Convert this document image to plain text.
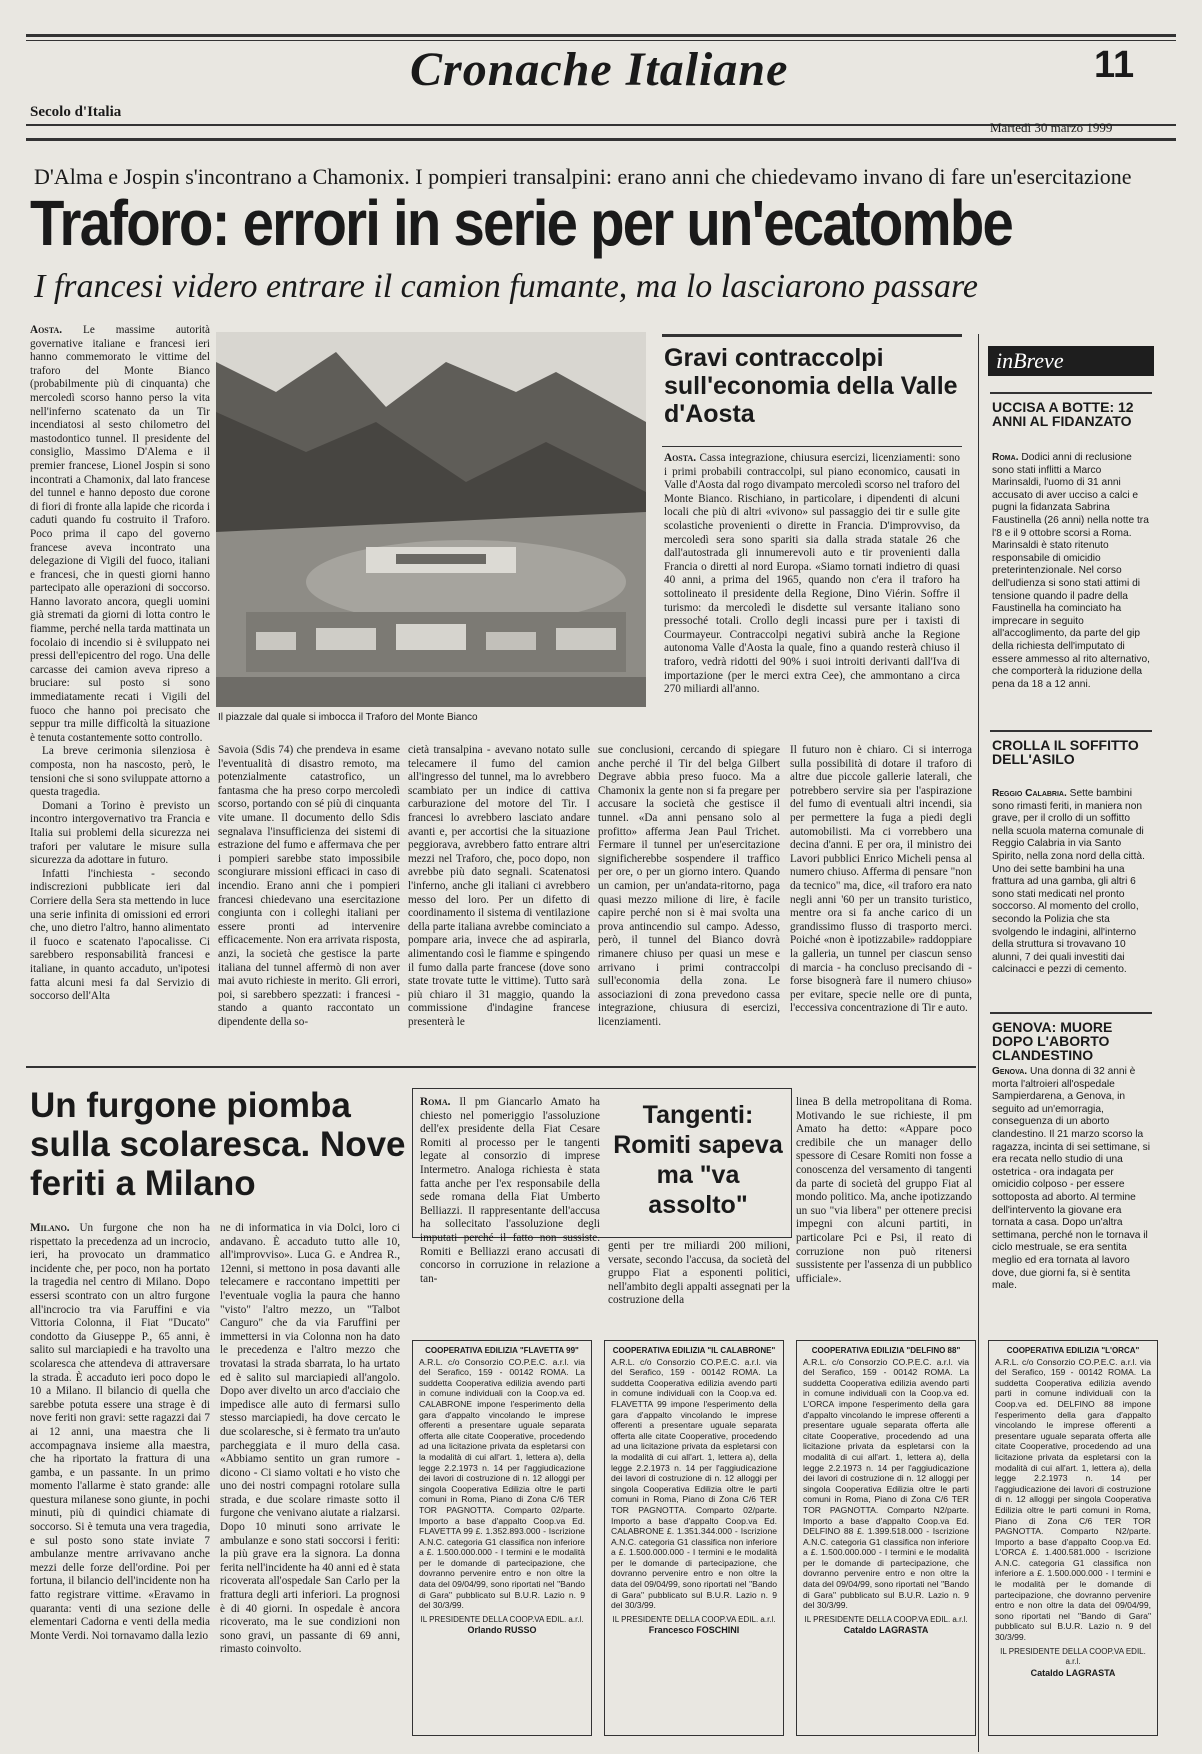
Cronache Italiane	11
Secolo d'Italia
Martedì 30 marzo 1999
D'Alma e Jospin s'incontrano a Chamonix. I pompieri transalpini: erano anni che chiedevamo invano di fare un'esercitazione
Traforo: errori in serie per un'ecatombe
I francesi videro entrare il camion fumante, ma lo lasciarono passare

Aosta. Le massime autorità governative italiane e francesi ieri hanno commemorato le vittime del traforo del Monte Bianco (probabilmente più di cinquanta) che mercoledì scorso hanno perso la vita nell'inferno scatenato da un Tir incendiatosi al sesto chilometro del mastodontico tunnel. Il presidente del consiglio, Massimo D'Alema e il premier francese, Lionel Jospin si sono incontrati a Chamonix, dal lato francese del tunnel e hanno deposto due corone di fiori di fronte alla lapide che ricorda i caduti quando fu costruito il Traforo. Poco prima il capo del governo francese aveva incontrato una delegazione di Vigili del fuoco, italiani e francesi, che in questi giorni hanno partecipato alle operazioni di soccorso. Hanno lavorato ancora, quegli uomini già stremati da giorni di lotta contro le fiamme, perché nella tarda mattinata un focolaio di incendio si è sviluppato nei pressi dell'epicentro del rogo. Una delle carcasse dei camion aveva ripreso a bruciare: sul posto si sono immediatamente recati i Vigili del fuoco che hanno poi precisato che seppur tra mille difficoltà la situazione è tenuta costantemente sotto controllo.

La breve cerimonia silenziosa è composta, non ha nascosto, però, le tensioni che si sono sviluppate attorno a questa tragedia.

Domani a Torino è previsto un incontro intergovernativo tra Francia e Italia sui problemi della sicurezza nei trafori per valutare le misure sulla sicurezza da adottare in futuro.

Infatti l'inchiesta - secondo indiscrezioni pubblicate ieri dal Corriere della Sera sta mettendo in luce una serie infinita di omissioni ed errori che, uno dietro l'altro, hanno alimentato il fuoco e scatenato l'apocalisse. Ci sarebbero responsabilità francesi e italiane, in quanto accaduto, un'ipotesi fatta alcuni mesi fa dal Servizio di soccorso dell'Alta

Il piazzale dal quale si imbocca il Traforo del Monte Bianco
Gravi contraccolpi sull'economia della Valle d'Aosta

Aosta. Cassa integrazione, chiusura esercizi, licenziamenti: sono i primi probabili contraccolpi, sul piano economico, causati in Valle d'Aosta dal rogo divampato mercoledì scorso nel traforo del Monte Bianco. Rischiano, in particolare, i dipendenti di alcuni locali che più di altri «vivono» sul passaggio dei tir e sulle gite scolastiche provenienti o dirette in Francia. D'improvviso, da mercoledì sera sono spariti sia dalla strada statale 26 che dall'autostrada gli innumerevoli auto e tir provenienti dalla Francia o diretti al nord Europa. «Siamo tornati indietro di quasi 40 anni, a prima del 1965, quando non c'era il traforo ha sottolineato il presidente della Regione, Dino Viérin. Soffre il turismo: da mercoledì le disdette sul versante italiano sono pressoché totali. Crollo degli incassi pure per i taxisti di Courmayeur. Contraccolpi negativi subirà anche la Regione autonoma Valle d'Aosta la quale, fino a quando resterà chiuso il traforo, vedrà ridotti del 90% i suoi introiti derivanti dall'Iva di importazione (per le merci extra Cee), che ammontano a circa 270 miliardi all'anno.

Savoia (Sdis 74) che prendeva in esame l'eventualità di disastro remoto, ma potenzialmente catastrofico, un fantasma che ha preso corpo mercoledì scorso, portando con sé più di cinquanta vite umane. Il documento dello Sdis segnalava l'insufficienza dei sistemi di estrazione del fumo e affermava che per i pompieri sarebbe stato impossibile scongiurare missioni efficaci in caso di incendio. Erano anni che i pompieri francesi chiedevano una esercitazione congiunta con i colleghi italiani per essere pronti ad intervenire efficacemente. Non era arrivata risposta, anzi, la società che gestisce la parte italiana del tunnel affermò di non aver mai avuto richieste in merito. Gli errori, poi, si sarebbero spezzati: i francesi - stando a quanto raccontato un dipendente della so-

cietà transalpina - avevano notato sulle telecamere il fumo del camion all'ingresso del tunnel, ma lo avrebbero scambiato per un indice di cattiva carburazione del motore del Tir. I francesi lo avrebbero lasciato andare avanti e, per accortisi che la situazione peggiorava, avrebbero fatto entrare altri mezzi nel Traforo, che, poco dopo, non avrebbe più dato segnali. Scatenatosi l'inferno, anche gli italiani ci avrebbero messo del loro. Per un difetto di coordinamento il sistema di ventilazione della parte italiana avrebbe cominciato a pompare aria, invece che ad aspirarla, alimentando così le fiamme e spingendo il fumo dalla parte francese (dove sono state trovate tutte le vittime). Tutto sarà più chiaro il 31 maggio, quando la commissione d'indagine francese presenterà le

sue conclusioni, cercando di spiegare anche perché il Tir del belga Gilbert Degrave abbia preso fuoco. Ma a Chamonix la gente non si fa pregare per accusare la società che gestisce il tunnel. «Da anni pensano solo al profitto» afferma Jean Paul Trichet. Fermare il tunnel per un'esercitazione significherebbe sospendere il traffico per ore, o per un giorno intero. Quando un camion, per un'andata-ritorno, paga quasi mezzo milione di lire, è facile capire perché non si è mai svolta una prova antincendio sul campo. Adesso, però, il tunnel del Bianco dovrà rimanere chiuso per quasi un mese e arrivano i primi contraccolpi sull'economia della zona. Le associazioni di zona prevedono cassa integrazione, chiusura di esercizi, licenziamenti.

Il futuro non è chiaro. Ci si interroga sulla possibilità di dotare il traforo di altre due piccole gallerie laterali, che potrebbero servire sia per l'aspirazione del fumo di eventuali altri incendi, sia per permettere la fuga a piedi degli automobilisti. Ma ci vorrebbero una decina d'anni. E per ora, il ministro dei Lavori pubblici Enrico Micheli pensa al numero chiuso. Afferma di pensare "non da tecnico" ma, dice, «il traforo era nato negli anni '60 per un transito turistico, mentre ora si fa anche carico di un grandissimo flusso di trasporto merci. Poiché «non è ipotizzabile» raddoppiare la galleria, un tunnel per ciascun senso di marcia - ha concluso precisando di - forse bisognerà fare il numero chiuso» per evitare, specie nelle ore di punta, l'eccessiva concentrazione di Tir e auto.

inBreve
UCCISA A BOTTE: 12 ANNI AL FIDANZATO
Roma. Dodici anni di reclusione sono stati inflitti a Marco Marinsaldi, l'uomo di 31 anni accusato di aver ucciso a calci e pugni la fidanzata Sabrina Faustinella (26 anni) nella notte tra l'8 e il 9 ottobre scorsi a Roma. Marinsaldi è stato ritenuto responsabile di omicidio preterintenzionale. Nel corso dell'udienza si sono stati attimi di tensione quando il padre della Faustinella ha cominciato ha imprecare in seguito all'accoglimento, da parte del gip della richiesta dell'imputato di essere ammesso al rito alternativo, che comporterà la riduzione della pena da 18 a 12 anni.
CROLLA IL SOFFITTO DELL'ASILO
Reggio Calabria. Sette bambini sono rimasti feriti, in maniera non grave, per il crollo di un soffitto nella scuola materna comunale di Reggio Calabria in via Santo Spirito, nella zona nord della città. Uno dei sette bambini ha una frattura ad una gamba, gli altri 6 sono stati medicati nel pronto soccorso. Al momento del crollo, secondo la Polizia che sta svolgendo le indagini, all'interno della struttura si trovavano 10 alunni, 7 dei quali investiti dai calcinacci e pezzi di cemento.
GENOVA: MUORE DOPO L'ABORTO CLANDESTINO
Genova. Una donna di 32 anni è morta l'altroieri all'ospedale Sampierdarena, a Genova, in seguito ad un'emorragia, conseguenza di un aborto clandestino. Il 21 marzo scorso la ragazza, incinta di sei settimane, si era recata nello studio di una ostetrica - ora indagata per omicidio colposo - per essere sottoposta ad aborto. Al termine dell'intervento la giovane era tornata a casa. Dopo un'altra settimana, perché non le tornava il ciclo mestruale, se era sentita meglio ed era tornata al lavoro dove, due giorni fa, si è sentita male.
Un furgone piomba sulla scolaresca. Nove feriti a Milano

Milano. Un furgone che non ha rispettato la precedenza ad un incrocio, ieri, ha provocato un drammatico incidente che, per poco, non ha portato la tragedia nel centro di Milano. Dopo essersi scontrato con un altro furgone all'incrocio tra via Faruffini e via Vittoria Colonna, il Fiat "Ducato" condotto da Giuseppe P., 65 anni, è salito sul marciapiedi e ha travolto una scolaresca che attendeva di attraversare la strada. È accaduto ieri poco dopo le 10 a Milano. Il bilancio di quella che sarebbe potuta essere una strage è di nove feriti non gravi: sette ragazzi dai 7 ai 12 anni, una maestra che li accompagnava insieme alla maestra, che ha riportato la frattura di una gamba, e un passante. In un primo momento l'allarme è stato grande: alle questura milanese sono giunte, in pochi minuti, più di quindici chiamate di soccorso. Si è temuta una vera tragedia, e sul posto sono state inviate 7 ambulanze mentre arrivavano anche mezzi delle forze dell'ordine. Poi per fortuna, il bilancio dell'incidente non ha fatto registrare vittime. «Eravamo in quaranta: venti di una sezione delle elementari Cadorna e venti della media Monte Verdi. Noi tornavamo dalla lezio

ne di informatica in via Dolci, loro ci andavano. È accaduto tutto alle 10, all'improvviso». Luca G. e Andrea R., 12enni, si mettono in posa davanti alle telecamere e raccontano impettiti per l'eventuale voglia la paura che hanno "visto" l'altro mezzo, un "Talbot Canguro" che da via Faruffini per immettersi in via Colonna non ha dato le precedenza e l'altro mezzo che trovatasi la strada sbarrata, lo ha urtato ed è salito sul marciapiedi all'angolo. Dopo aver divelto un arco d'acciaio che impedisce alle auto di fermarsi sullo stesso marciapiedi, ha dove cercato le due scolaresche, si è fermato tra un'auto parcheggiata e il muro della casa. «Abbiamo sentito un gran rumore - dicono - Ci siamo voltati e ho visto che uno dei nostri compagni rotolare sulla strada, e due scolare rimaste sotto il furgone che venivano aiutate a rialzarsi. Dopo 10 minuti sono arrivate le ambulanze e sono stati soccorsi i feriti: la più grave era la signora. La donna ferita nell'incidente ha 40 anni ed è stata ricoverata all'ospedale San Carlo per la frattura degli arti inferiori. La prognosi è di 40 giorni. In ospedale è ancora ricoverato, ma le sue condizioni non sono gravi, un passante di 69 anni, rimasto coinvolto.

Roma. Il pm Giancarlo Amato ha chiesto nel pomeriggio l'assoluzione dell'ex presidente della Fiat Cesare Romiti al processo per le tangenti legate al consorzio di imprese Intermetro. Analoga richiesta è stata fatta anche per l'ex responsabile della sede romana della Fiat Umberto Belliazzi. Il rappresentante dell'accusa ha sollecitato l'assoluzione degli imputati perché il fatto non sussiste. Romiti e Belliazzi erano accusati di concorso in corruzione in relazione a tan-

Tangenti: Romiti sapeva ma "va assolto"

genti per tre miliardi 200 milioni, versate, secondo l'accusa, da società del gruppo Fiat a esponenti politici, nell'ambito degli appalti assegnati per la costruzione della

linea B della metropolitana di Roma. Motivando le sue richieste, il pm Amato ha detto: «Appare poco credibile che un manager dello spessore di Cesare Romiti non fosse a conoscenza del versamento di tangenti da parte di società del gruppo Fiat al mondo politico. Ma, anche ipotizzando un suo "via libera" per ottenere precisi impegni con alcuni partiti, in particolare Pci e Psi, il reato di corruzione non può ritenersi sussistente per l'assenza di un pubblico ufficiale».

COOPERATIVA EDILIZIA "FLAVETTA 99"
A.R.L. c/o Consorzio CO.P.E.C. a.r.l. via del Serafico, 159 - 00142 ROMA. La suddetta Cooperativa edilizia avendo parti in comune individuali con la Coop.va ed. CALABRONE impone l'esperimento della gara d'appalto vincolando le imprese offerenti a presentare uguale separata offerta alle citate Cooperative, procedendo ad una licitazione privata da espletarsi con la modalità di cui all'art. 1, lettera a), della legge 2.2.1973 n. 14 per l'aggiudicazione dei lavori di costruzione di n. 12 alloggi per singola Cooperativa Edilizia oltre le parti comuni in Roma, Piano di Zona C/6 TER TOR PAGNOTTA. Comparto 02/parte. Importo a base d'appalto Coop.va Ed. FLAVETTA 99 £. 1.352.893.000 - Iscrizione A.N.C. categoria G1 classifica non inferiore a £. 1.500.000.000 - I termini e le modalità per le domande di partecipazione, che dovranno pervenire entro e non oltre la data del 09/04/99, sono riportati nel "Bando di Gara" pubblicato sul B.U.R. Lazio n. 9 del 30/3/99.
IL PRESIDENTE DELLA COOP.VA EDIL. a.r.l.
Orlando RUSSO
COOPERATIVA EDILIZIA "IL CALABRONE"
A.R.L. c/o Consorzio CO.P.E.C. a.r.l. via del Serafico, 159 - 00142 ROMA. La suddetta Cooperativa edilizia avendo parti in comune individuali con la Coop.va ed. FLAVETTA 99 impone l'esperimento della gara d'appalto vincolando le imprese offerenti a presentare uguale separata offerta alle citate Cooperative, procedendo ad una licitazione privata da espletarsi con la modalità di cui all'art. 1, lettera a), della legge 2.2.1973 n. 14 per l'aggiudicazione dei lavori di costruzione di n. 12 alloggi per singola Cooperativa Edilizia oltre le parti comuni in Roma, Piano di Zona C/6 TER TOR PAGNOTTA. Comparto 02/parte. Importo a base d'appalto Coop.va Ed. CALABRONE £. 1.351.344.000 - Iscrizione A.N.C. categoria G1 classifica non inferiore a £. 1.500.000.000 - I termini e le modalità per le domande di partecipazione, che dovranno pervenire entro e non oltre la data del 09/04/99, sono riportati nel "Bando di Gara" pubblicato sul B.U.R. Lazio n. 9 del 30/3/99.
IL PRESIDENTE DELLA COOP.VA EDIL. a.r.l.
Francesco FOSCHINI
COOPERATIVA EDILIZIA "DELFINO 88"
A.R.L. c/o Consorzio CO.P.E.C. a.r.l. via del Serafico, 159 - 00142 ROMA. La suddetta Cooperativa edilizia avendo parti in comune individuali con la Coop.va ed. L'ORCA impone l'esperimento della gara d'appalto vincolando le imprese offerenti a presentare uguale separata offerta alle citate Cooperative, procedendo ad una licitazione privata da espletarsi con la modalità di cui all'art. 1, lettera a), della legge 2.2.1973 n. 14 per l'aggiudicazione dei lavori di costruzione di n. 12 alloggi per singola Cooperativa Edilizia oltre le parti comuni in Roma, Piano di Zona C/6 TER TOR PAGNOTTA. Comparto N2/parte. Importo a base d'appalto Coop.va Ed. DELFINO 88 £. 1.399.518.000 - Iscrizione A.N.C. categoria G1 classifica non inferiore a £. 1.500.000.000 - I termini e le modalità per le domande di partecipazione, che dovranno pervenire entro e non oltre la data del 09/04/99, sono riportati nel "Bando di Gara" pubblicato sul B.U.R. Lazio n. 9 del 30/3/99.
IL PRESIDENTE DELLA COOP.VA EDIL. a.r.l.
Cataldo LAGRASTA
COOPERATIVA EDILIZIA "L'ORCA"
A.R.L. c/o Consorzio CO.P.E.C. a.r.l. via del Serafico, 159 - 00142 ROMA. La suddetta Cooperativa edilizia avendo parti in comune individuali con la Coop.va ed. DELFINO 88 impone l'esperimento della gara d'appalto vincolando le imprese offerenti a presentare uguale separata offerta alle citate Cooperative, procedendo ad una licitazione privata da espletarsi con la modalità di cui all'art. 1, lettera a), della legge 2.2.1973 n. 14 per l'aggiudicazione dei lavori di costruzione di n. 12 alloggi per singola Cooperativa Edilizia oltre le parti comuni in Roma, Piano di Zona C/6 TER TOR PAGNOTTA. Comparto N2/parte. Importo a base d'appalto Coop.va Ed. L'ORCA £. 1.400.581.000 - Iscrizione A.N.C. categoria G1 classifica non inferiore a £. 1.500.000.000 - I termini e le modalità per le domande di partecipazione, che dovranno pervenire entro e non oltre la data del 09/04/99, sono riportati nel "Bando di Gara" pubblicato sul B.U.R. Lazio n. 9 del 30/3/99.
IL PRESIDENTE DELLA COOP.VA EDIL. a.r.l.
Cataldo LAGRASTA
